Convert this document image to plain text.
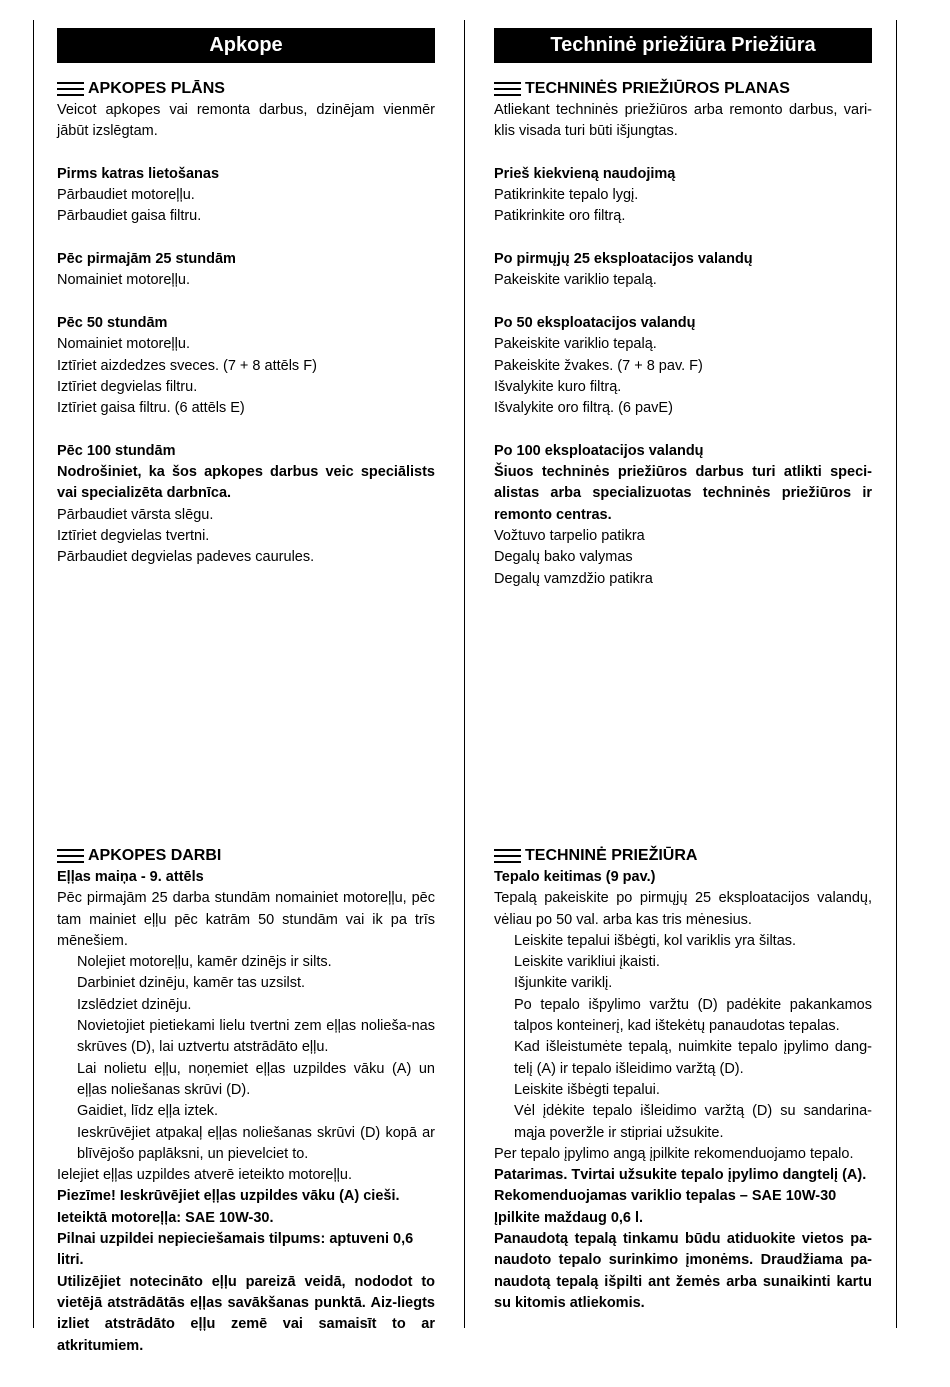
Apkope
APKOPES PLĀNS

Veicot apkopes vai remonta darbus, dzinējam vienmēr jābūt izslēgtam.

Pirms katras lietošanas

Pārbaudiet motoreļļu.

Pārbaudiet gaisa filtru.

Pēc pirmajām 25 stundām

Nomainiet motoreļļu.

Pēc 50 stundām

Nomainiet motoreļļu.

Iztīriet aizdedzes sveces. (7 + 8 attēls F)

Iztīriet degvielas filtru.

Iztīriet gaisa filtru. (6 attēls E)

Pēc 100 stundām

Nodrošiniet, ka šos apkopes darbus veic speciālists vai specializēta darbnīca.

Pārbaudiet vārsta slēgu.

Iztīriet degvielas tvertni.

Pārbaudiet degvielas padeves caurules.

APKOPES DARBI

Eļļas maiņa - 9. attēls

Pēc pirmajām 25 darba stundām nomainiet motoreļļu, pēc tam mainiet eļļu pēc katrām 50 stundām vai ik pa trīs mēnešiem.

Nolejiet motoreļļu, kamēr dzinējs ir silts.

Darbiniet dzinēju, kamēr tas uzsilst.

Izslēdziet dzinēju.

Novietojiet pietiekami lielu tvertni zem eļļas nolieša-nas skrūves (D), lai uztvertu atstrādāto eļļu.

Lai nolietu eļļu, noņemiet eļļas uzpildes vāku (A) un eļļas noliešanas skrūvi (D).

Gaidiet, līdz eļļa iztek.

Ieskrūvējiet atpakaļ eļļas noliešanas skrūvi (D) kopā ar blīvējošo paplāksni, un pievelciet to.

Ielejiet eļļas uzpildes atverē ieteikto motoreļļu.

Piezīme! Ieskrūvējiet eļļas uzpildes vāku (A) cieši.

Ieteiktā motoreļļa: SAE 10W-30.

Pilnai uzpildei nepieciešamais tilpums: aptuveni 0,6 litri.

Utilizējiet notecināto eļļu pareizā veidā, nododot to vietējā atstrādātās eļļas savākšanas punktā. Aiz-liegts izliet atstrādāto eļļu zemē vai samaisīt to ar atkritumiem.

Techninė priežiūra Priežiūra
TECHNINĖS PRIEŽIŪROS PLANAS

Atliekant techninės priežiūros arba remonto darbus, vari-klis visada turi būti išjungtas.

Prieš kiekvieną naudojimą

Patikrinkite tepalo lygį.

Patikrinkite oro filtrą.

Po pirmųjų 25 eksploatacijos valandų

Pakeiskite variklio tepalą.

Po 50 eksploatacijos valandų

Pakeiskite variklio tepalą.

Pakeiskite žvakes. (7 + 8 pav. F)

Išvalykite kuro filtrą.

Išvalykite oro filtrą. (6 pavE)

Po 100 eksploatacijos valandų

Šiuos techninės priežiūros darbus turi atlikti speci-alistas arba specializuotas techninės priežiūros ir remonto centras.

Vožtuvo tarpelio patikra

Degalų bako valymas

Degalų vamzdžio patikra

TECHNINĖ PRIEŽIŪRA

Tepalo keitimas (9 pav.)

Tepalą pakeiskite po pirmųjų 25 eksploatacijos valandų, vėliau po 50 val. arba kas tris mėnesius.

Leiskite tepalui išbėgti, kol variklis yra šiltas.

Leiskite varikliui įkaisti.

Išjunkite variklį.

Po tepalo išpylimo varžtu (D) padėkite pakankamos talpos konteinerį, kad ištekėtų panaudotas tepalas.

Kad išleistumėte tepalą, nuimkite tepalo įpylimo dang-telį (A) ir tepalo išleidimo varžtą (D).

Leiskite išbėgti tepalui.

Vėl įdėkite tepalo išleidimo varžtą (D) su sandarina-mąja poveržle ir stipriai užsukite.

Per tepalo įpylimo angą įpilkite rekomenduojamo tepalo.

Patarimas. Tvirtai užsukite tepalo įpylimo dangtelį (A).

Rekomenduojamas variklio tepalas – SAE 10W-30

Įpilkite maždaug 0,6 l.

Panaudotą tepalą tinkamu būdu atiduokite vietos pa-naudoto tepalo surinkimo įmonėms. Draudžiama pa-naudotą tepalą išpilti ant žemės arba sunaikinti kartu su kitomis atliekomis.
